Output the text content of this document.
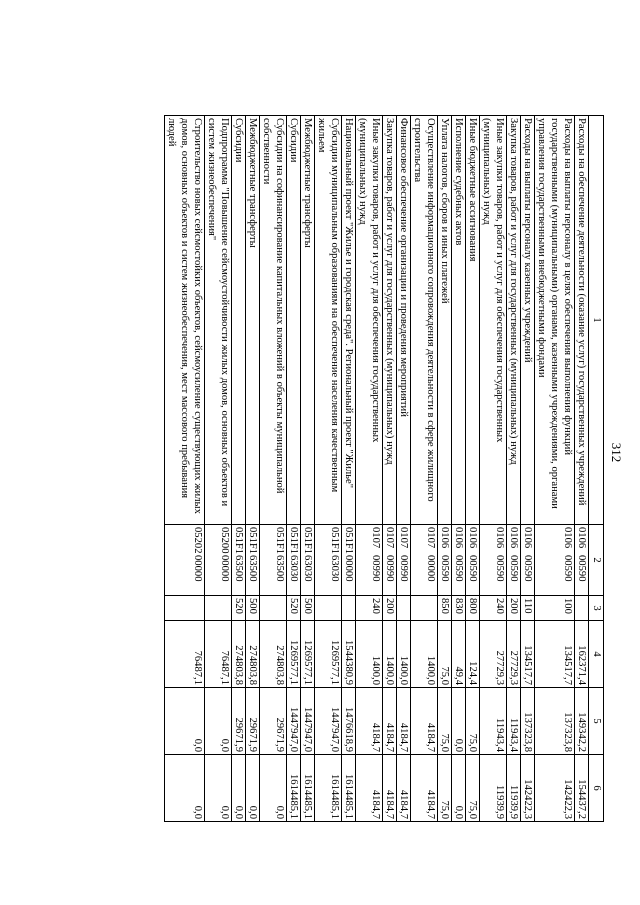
312
1	2	3	4	5	6
Расходы на обеспечение деятельности (оказание услуг) государственных учреждений	010600590		162371,4	149342,2	154437,2
Расходы на выплаты персоналу в целях обеспечения выполнения функций государственными (муниципальными) органами, казенными учреждениями, органами управления государственными внебюджетными фондами	010600590	100	134517,7	137323,8	142422,3
Расходы на выплаты персоналу казенных учреждений	010600590	110	134517,7	137323,8	142422,3
Закупка товаров, работ и услуг для государственных (муниципальных) нужд	010600590	200	27729,3	11943,4	11939,9
Иные закупки товаров, работ и услуг для обеспечения государственных (муниципальных) нужд	010600590	240	27729,3	11943,4	11939,9
Иные бюджетные ассигнования	010600590	800	124,4	75,0	75,0
Исполнение судебных актов	010600590	830	49,4	0,0	0,0
Уплата налогов, сборов и иных платежей	010600590	850	75,0	75,0	75,0
Осуществление информационного сопровождения деятельности в сфере жилищного строительства	010700000		1400,0	4184,7	4184,7
Финансовое обеспечение организации и проведения мероприятий	010700990		1400,0	4184,7	4184,7
Закупка товаров, работ и услуг для государственных (муниципальных) нужд	010700990	200	1400,0	4184,7	4184,7
Иные закупки товаров, работ и услуг для обеспечения государственных (муниципальных) нужд	010700990	240	1400,0	4184,7	4184,7
Национальный проект "Жилье и городская среда". Региональный проект "Жилье"	051F100000		1544380,9	1476618,9	1614485,1
Субсидии муниципальным образованиям на обеспечение населения качественным жильем	051F163030		1269577,1	1447947,0	1614485,1
Межбюджетные трансферты	051F163030	500	1269577,1	1447947,0	1614485,1
Субсидии	051F163030	520	1269577,1	1447947,0	1614485,1
Субсидии на софинансирование капитальных вложений в объекты муниципальной собственности	051F163500		274803,8	29671,9	0,0
Межбюджетные трансферты	051F163500	500	274803,8	29671,9	0,0
Субсидии	051F163500	520	274803,8	29671,9	0,0
Подпрограмма "Повышение сейсмоустойчивости жилых домов, основных объектов и систем жизнеобеспечения"	0520000000		76487,1	0,0	0,0
Строительство новых сейсмостойких объектов, сейсмоусиление существующих жилых домов, основных объектов и систем жизнеобеспечения, мест массового пребывания людей	0520200000		76487,1	0,0	0,0
